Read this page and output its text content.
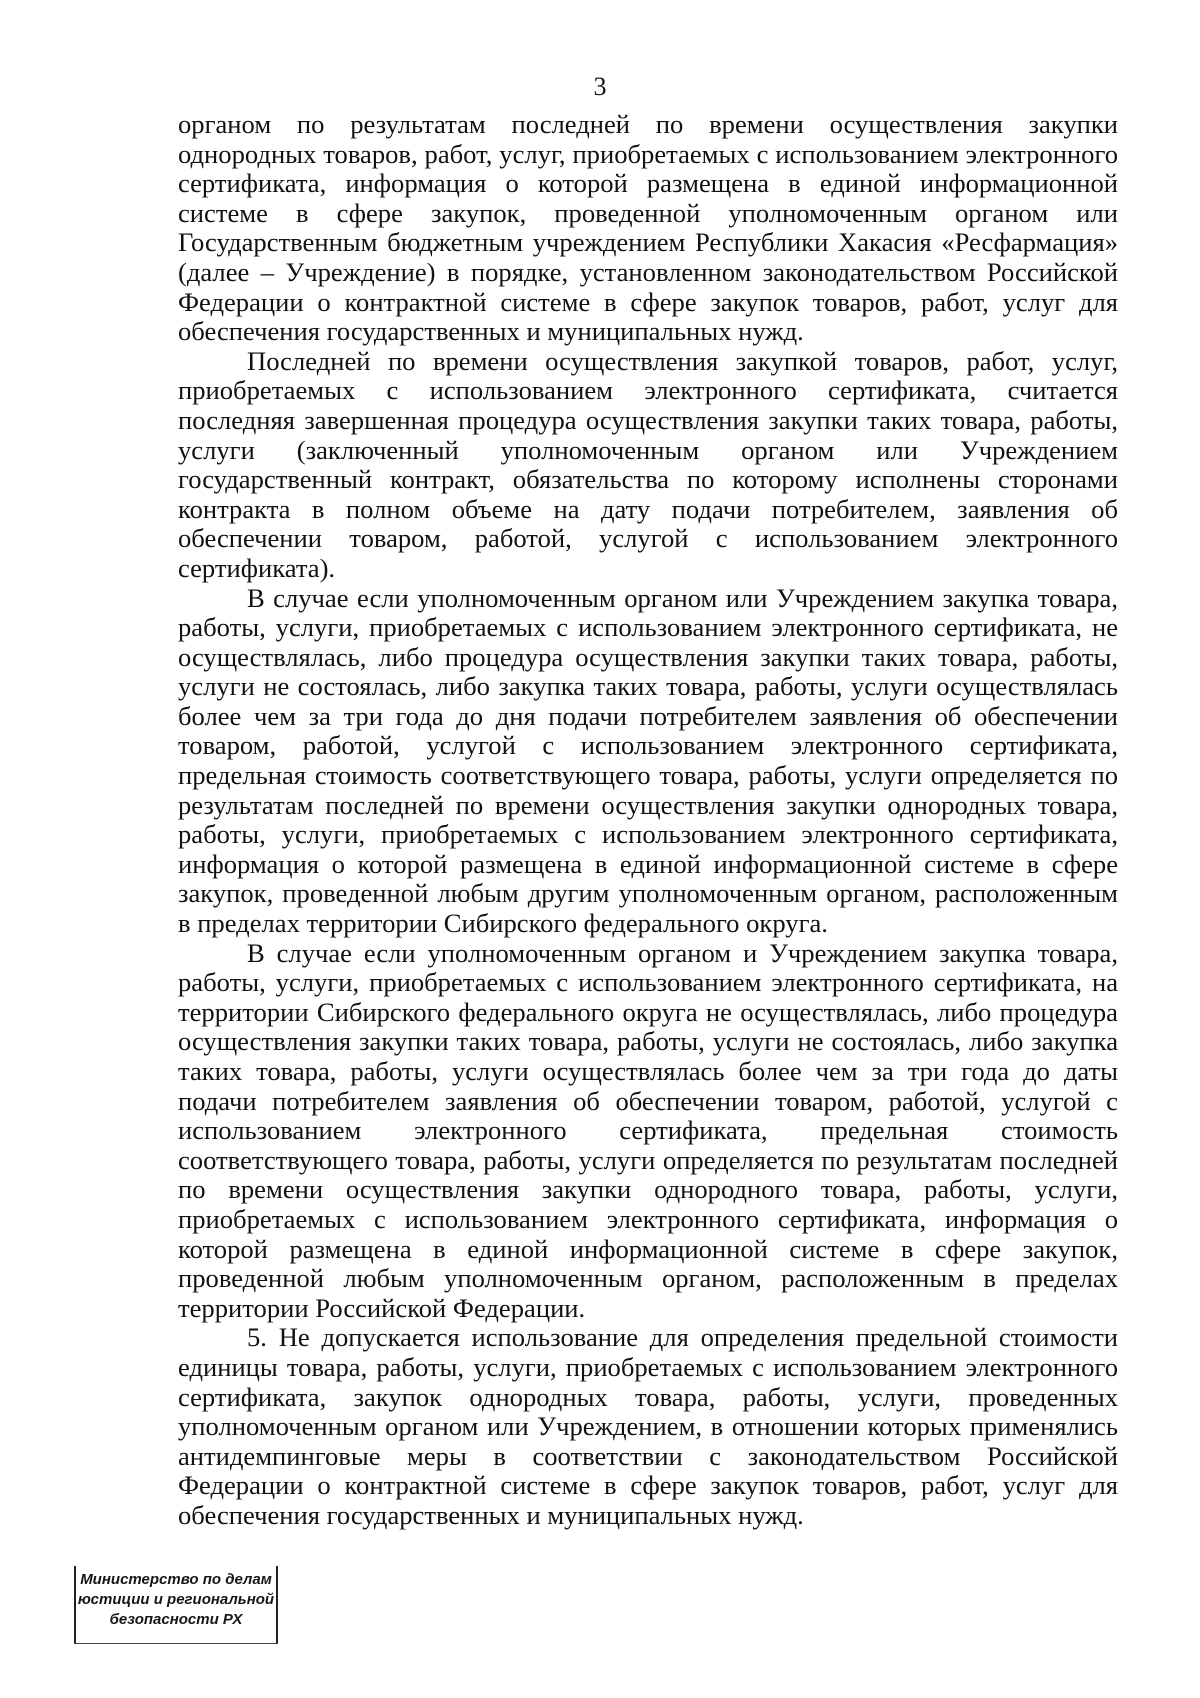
3

органом по результатам последней по времени осуществления закупки однородных товаров, работ, услуг, приобретаемых с использованием электронного сертификата, информация о которой размещена в единой информационной системе в сфере закупок, проведенной уполномоченным органом или Государственным бюджетным учреждением Республики Хакасия «Ресфармация» (далее – Учреждение) в порядке, установленном законодательством Российской Федерации о контрактной системе в сфере закупок товаров, работ, услуг для обеспечения государственных и муниципальных нужд.

Последней по времени осуществления закупкой товаров, работ, услуг, приобретаемых с использованием электронного сертификата, считается последняя завершенная процедура осуществления закупки таких товара, работы, услуги (заключенный уполномоченным органом или Учреждением государственный контракт, обязательства по которому исполнены сторонами контракта в полном объеме на дату подачи потребителем, заявления об обеспечении товаром, работой, услугой с использованием электронного сертификата).

В случае если уполномоченным органом или Учреждением закупка товара, работы, услуги, приобретаемых с использованием электронного сертификата, не осуществлялась, либо процедура осуществления закупки таких товара, работы, услуги не состоялась, либо закупка таких товара, работы, услуги осуществлялась более чем за три года до дня подачи потребителем заявления об обеспечении товаром, работой, услугой с использованием электронного сертификата, предельная стоимость соответствующего товара, работы, услуги определяется по результатам последней по времени осуществления закупки однородных товара, работы, услуги, приобретаемых с использованием электронного сертификата, информация о которой размещена в единой информационной системе в сфере закупок, проведенной любым другим уполномоченным органом, расположенным в пределах территории Сибирского федерального округа.

В случае если уполномоченным органом и Учреждением закупка товара, работы, услуги, приобретаемых с использованием электронного сертификата, на территории Сибирского федерального округа не осуществлялась, либо процедура осуществления закупки таких товара, работы, услуги не состоялась, либо закупка таких товара, работы, услуги осуществлялась более чем за три года до даты подачи потребителем заявления об обеспечении товаром, работой, услугой с использованием электронного сертификата, предельная стоимость соответствующего товара, работы, услуги определяется по результатам последней по времени осуществления закупки однородного товара, работы, услуги, приобретаемых с использованием электронного сертификата, информация о которой размещена в единой информационной системе в сфере закупок, проведенной любым уполномоченным органом, расположенным в пределах территории Российской Федерации.

5. Не допускается использование для определения предельной стоимости единицы товара, работы, услуги, приобретаемых с использованием электронного сертификата, закупок однородных товара, работы, услуги, проведенных уполномоченным органом или Учреждением, в отношении которых применялись антидемпинговые меры в соответствии с законодательством Российской Федерации о контрактной системе в сфере закупок товаров, работ, услуг для обеспечения государственных и муниципальных нужд.

Министерство по делам
юстиции и региональной
безопасности РХ
